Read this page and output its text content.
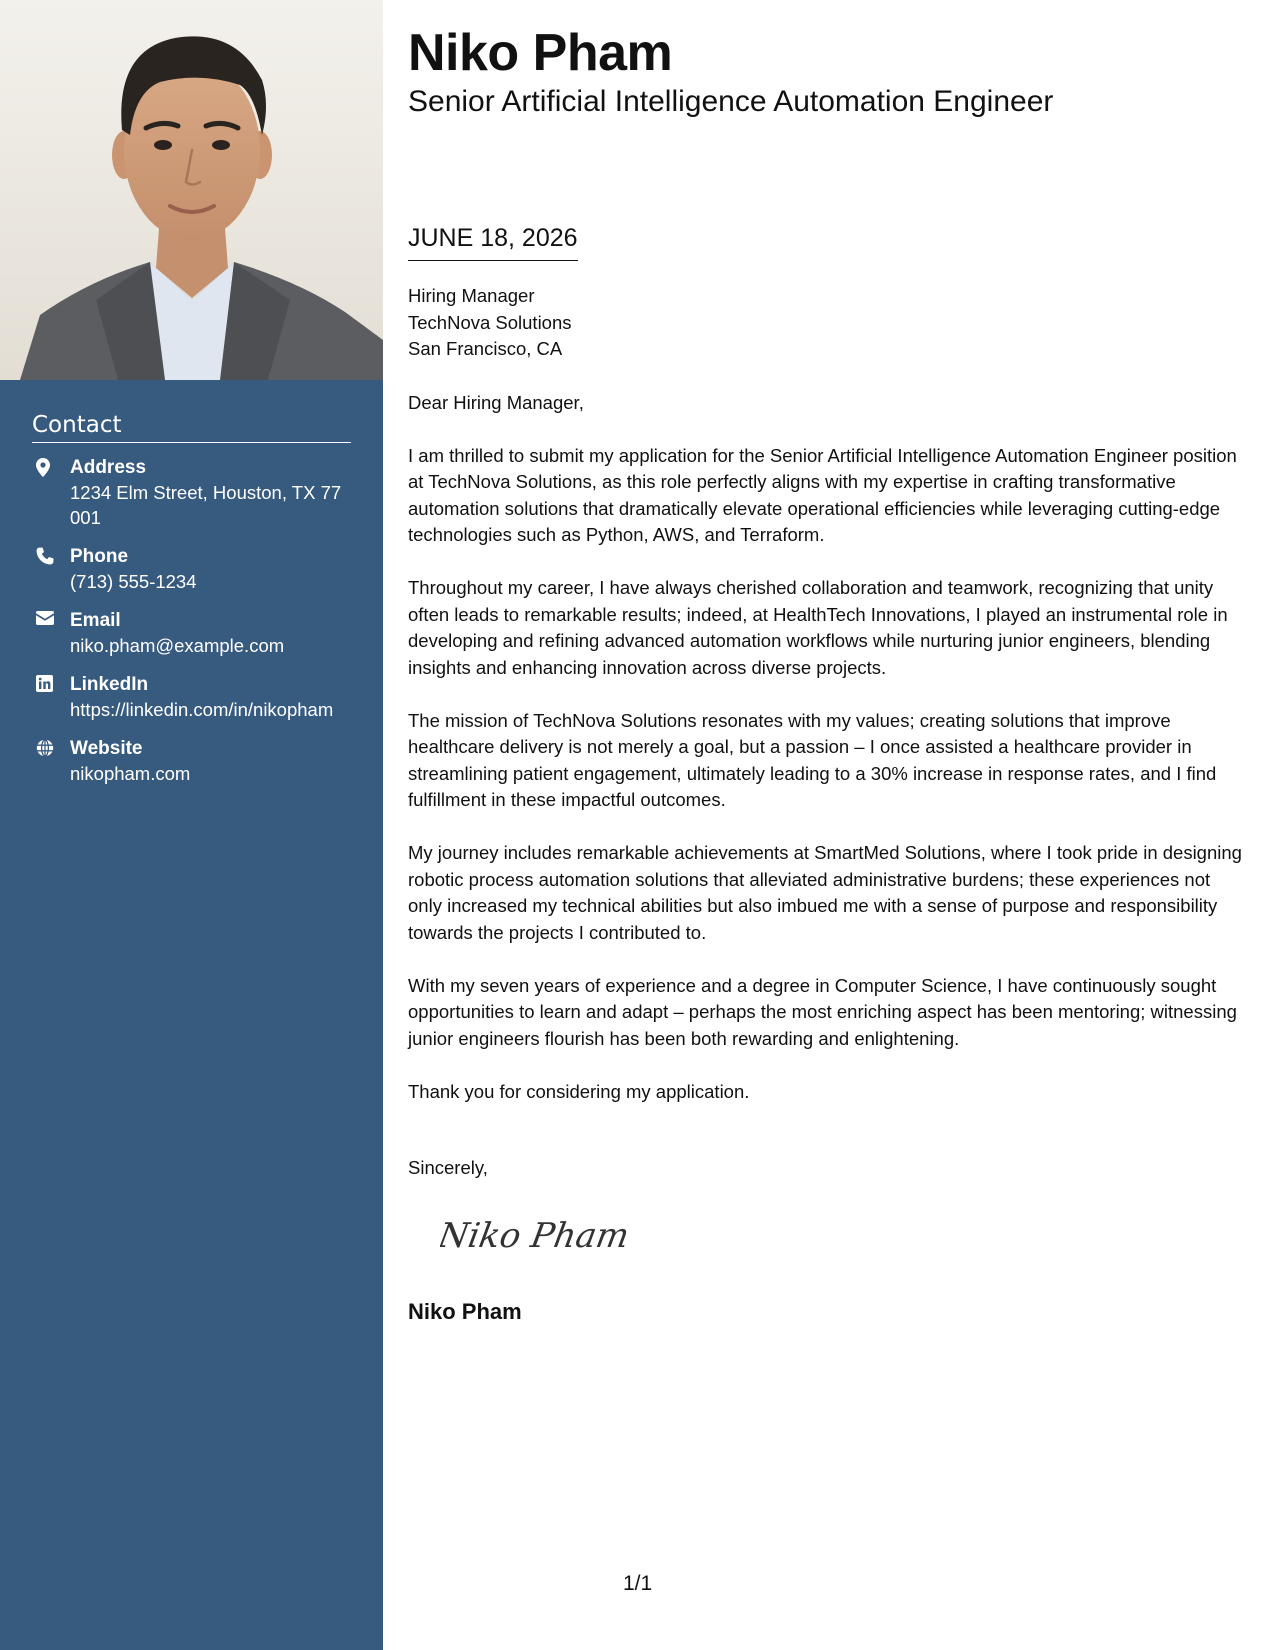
Contact
Address
1234 Elm Street, Houston, TX 77001
Phone
(713) 555-1234
Email
niko.pham@example.com
LinkedIn
https://linkedin.com/in/nikopham
Website
nikopham.com
Niko Pham
Senior Artificial Intelligence Automation Engineer
JUNE 18, 2026
Hiring Manager
TechNova Solutions
San Francisco, CA
Dear Hiring Manager,

I am thrilled to submit my application for the Senior Artificial Intelligence Automation Engineer position at TechNova Solutions, as this role perfectly aligns with my expertise in crafting transformative automation solutions that dramatically elevate operational efficiencies while leveraging cutting-edge technologies such as Python, AWS, and Terraform.

Throughout my career, I have always cherished collaboration and teamwork, recognizing that unity often leads to remarkable results; indeed, at HealthTech Innovations, I played an instrumental role in developing and refining advanced automation workflows while nurturing junior engineers, blending insights and enhancing innovation across diverse projects.

The mission of TechNova Solutions resonates with my values; creating solutions that improve healthcare delivery is not merely a goal, but a passion – I once assisted a healthcare provider in streamlining patient engagement, ultimately leading to a 30% increase in response rates, and I find fulfillment in these impactful outcomes.

My journey includes remarkable achievements at SmartMed Solutions, where I took pride in designing robotic process automation solutions that alleviated administrative burdens; these experiences not only increased my technical abilities but also imbued me with a sense of purpose and responsibility towards the projects I contributed to.

With my seven years of experience and a degree in Computer Science, I have continuously sought opportunities to learn and adapt – perhaps the most enriching aspect has been mentoring; witnessing junior engineers flourish has been both rewarding and enlightening.

Thank you for considering my application.

Sincerely,
Niko Pham
Niko Pham
1/1
